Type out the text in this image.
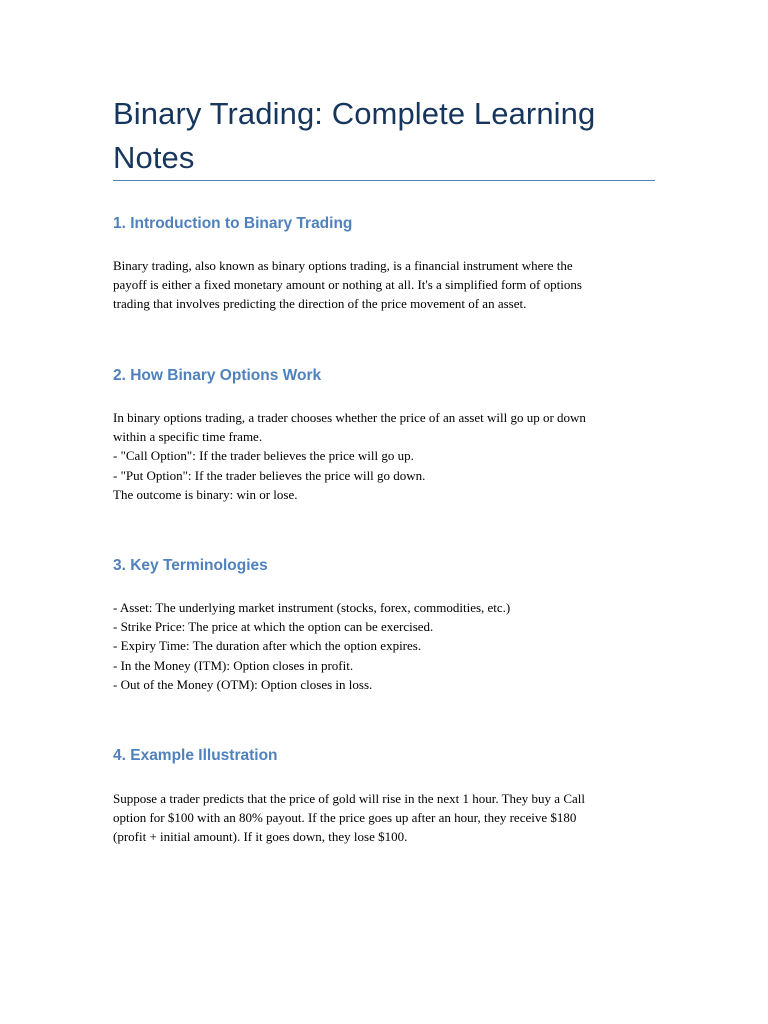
Binary Trading: Complete Learning Notes
1. Introduction to Binary Trading
Binary trading, also known as binary options trading, is a financial instrument where the
payoff is either a fixed monetary amount or nothing at all. It's a simplified form of options
trading that involves predicting the direction of the price movement of an asset.
2. How Binary Options Work
In binary options trading, a trader chooses whether the price of an asset will go up or down
within a specific time frame.
- "Call Option": If the trader believes the price will go up.
- "Put Option": If the trader believes the price will go down.
The outcome is binary: win or lose.
3. Key Terminologies
- Asset: The underlying market instrument (stocks, forex, commodities, etc.)
- Strike Price: The price at which the option can be exercised.
- Expiry Time: The duration after which the option expires.
- In the Money (ITM): Option closes in profit.
- Out of the Money (OTM): Option closes in loss.
4. Example Illustration
Suppose a trader predicts that the price of gold will rise in the next 1 hour. They buy a Call
option for $100 with an 80% payout. If the price goes up after an hour, they receive $180
(profit + initial amount). If it goes down, they lose $100.
